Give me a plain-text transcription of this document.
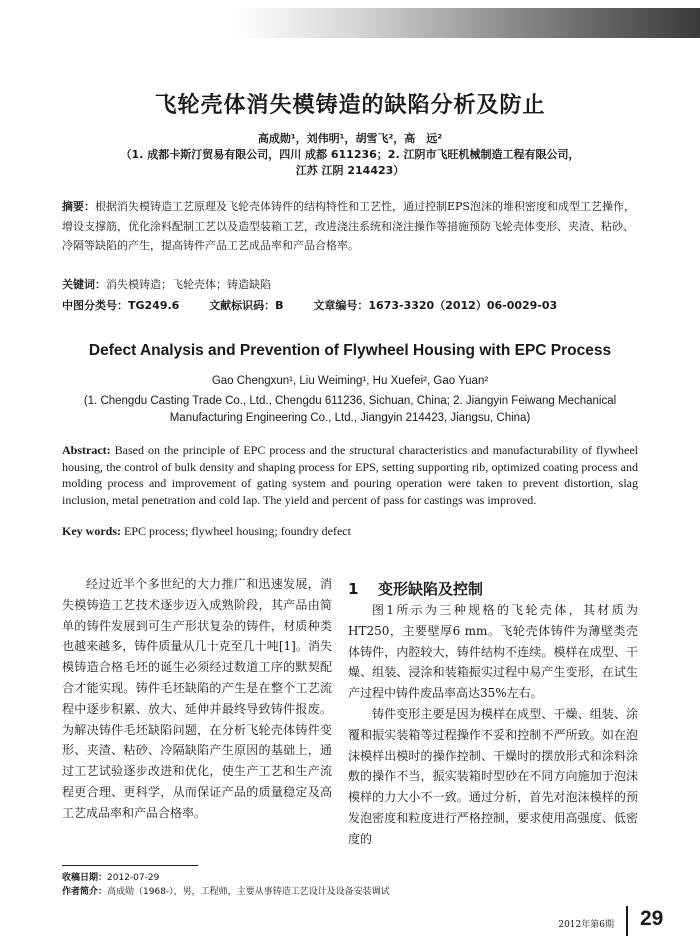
飞轮壳体消失模铸造的缺陷分析及防止
高成勋¹，刘伟明¹，胡雪飞²，高　远²
（1. 成都卡斯汀贸易有限公司，四川 成都 611236；2. 江阴市飞旺机械制造工程有限公司，
江苏 江阴 214423）
摘要：根据消失模铸造工艺原理及飞轮壳体铸件的结构特性和工艺性，通过控制EPS泡沫的堆积密度和成型工艺操作，增设支撑筋，优化涂料配制工艺以及造型装箱工艺，改进浇注系统和浇注操作等措施预防飞轮壳体变形、夹渣、粘砂、冷隔等缺陷的产生，提高铸件产品工艺成品率和产品合格率。
关键词：消失模铸造；飞轮壳体；铸造缺陷
中图分类号：TG249.6	文献标识码：B	文章编号：1673-3320（2012）06-0029-03
Defect Analysis and Prevention of Flywheel Housing with EPC Process
Gao Chengxun¹, Liu Weiming¹, Hu Xuefei², Gao Yuan²
(1. Chengdu Casting Trade Co., Ltd., Chengdu 611236, Sichuan, China; 2. Jiangyin Feiwang Mechanical Manufacturing Engineering Co., Ltd., Jiangyin 214423, Jiangsu, China)
Abstract: Based on the principle of EPC process and the structural characteristics and manufacturability of flywheel housing, the control of bulk density and shaping process for EPS, setting supporting rib, optimized coating process and molding process and improvement of gating system and pouring operation were taken to prevent distortion, slag inclusion, metal penetration and cold lap. The yield and percent of pass for castings was improved.
Key words: EPC process; flywheel housing; foundry defect
经过近半个多世纪的大力推广和迅速发展，消失模铸造工艺技术逐步迈入成熟阶段，其产品由简单的铸件发展到可生产形状复杂的铸件，材质种类也越来越多，铸件质量从几十克至几十吨[1]。消失模铸造合格毛坯的诞生必须经过数道工序的默契配合才能实现。铸件毛坯缺陷的产生是在整个工艺流程中逐步积累、放大、延伸并最终导致铸件报废。为解决铸件毛坯缺陷问题，在分析飞轮壳体铸件变形、夹渣、粘砂、冷隔缺陷产生原因的基础上，通过工艺试验逐步改进和优化，使生产工艺和生产流程更合理、更科学，从而保证产品的质量稳定及高工艺成品率和产品合格率。
1 变形缺陷及控制

图1所示为三种规格的飞轮壳体，其材质为HT250，主要壁厚6 mm。飞轮壳体铸件为薄壁类壳体铸件，内腔较大，铸件结构不连续。模样在成型、干燥、组装、浸涂和装箱振实过程中易产生变形，在试生产过程中铸件废品率高达35%左右。

铸件变形主要是因为模样在成型、干燥、组装、涂覆和振实装箱等过程操作不妥和控制不严所致。如在泡沫模样出模时的操作控制、干燥时的摆放形式和涂料涂敷的操作不当，振实装箱时型砂在不同方向施加于泡沫模样的力大小不一致。通过分析，首先对泡沫模样的预发泡密度和粒度进行严格控制，要求使用高强度、低密度的

收稿日期：2012-07-29
作者简介：高成勋（1968-），男，工程师，主要从事铸造工艺设计及设备安装调试
2012年第6期 29
